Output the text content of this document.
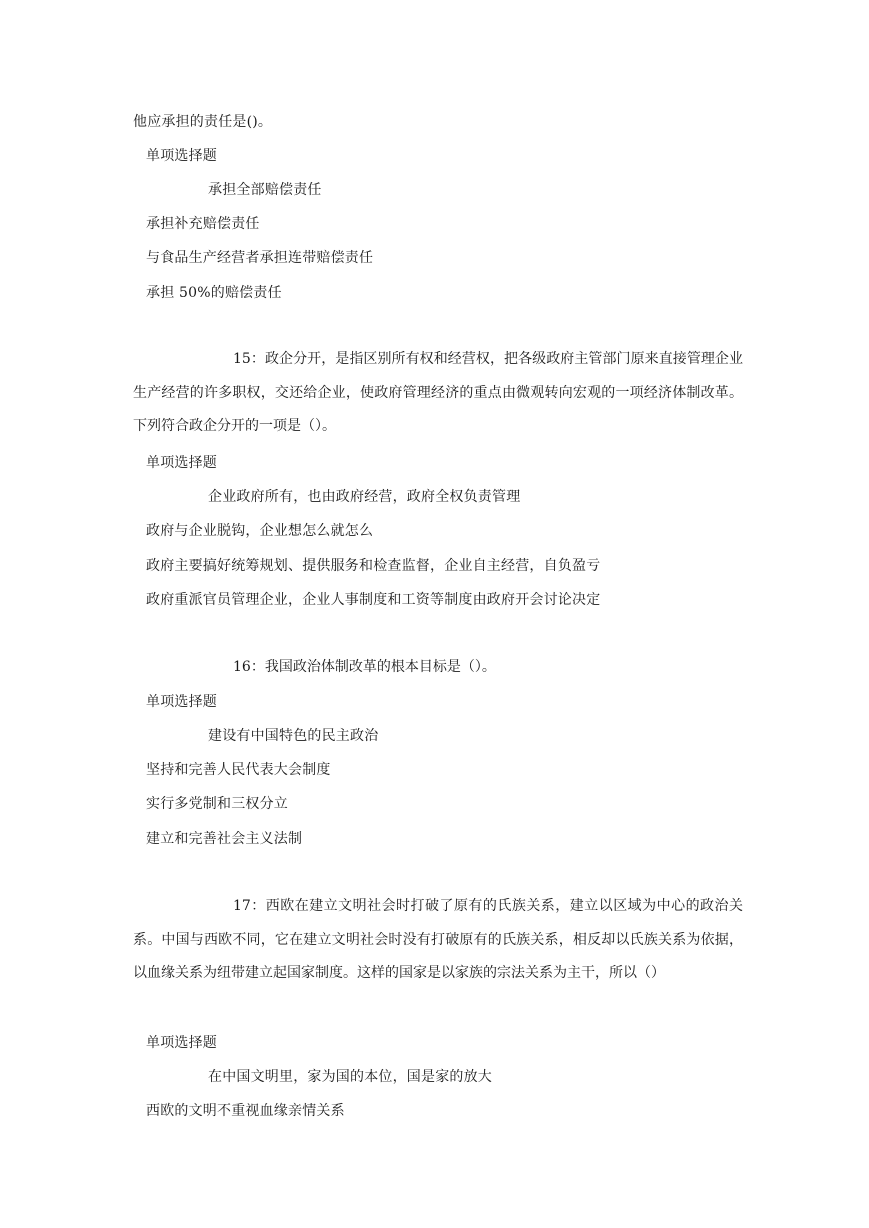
他应承担的责任是()。
单项选择题
承担全部赔偿责任
承担补充赔偿责任
与食品生产经营者承担连带赔偿责任
承担 50%的赔偿责任
15：政企分开，是指区别所有权和经营权，把各级政府主管部门原来直接管理企业生产经营的许多职权，交还给企业，使政府管理经济的重点由微观转向宏观的一项经济体制改革。下列符合政企分开的一项是（）。
单项选择题
企业政府所有，也由政府经营，政府全权负责管理
政府与企业脱钩，企业想怎么就怎么
政府主要搞好统筹规划、提供服务和检查监督，企业自主经营，自负盈亏
政府重派官员管理企业，企业人事制度和工资等制度由政府开会讨论决定
16：我国政治体制改革的根本目标是（）。
单项选择题
建设有中国特色的民主政治
坚持和完善人民代表大会制度
实行多党制和三权分立
建立和完善社会主义法制
17：西欧在建立文明社会时打破了原有的氏族关系，建立以区域为中心的政治关系。中国与西欧不同，它在建立文明社会时没有打破原有的氏族关系，相反却以氏族关系为依据，以血缘关系为纽带建立起国家制度。这样的国家是以家族的宗法关系为主干，所以（）
单项选择题
在中国文明里，家为国的本位，国是家的放大
西欧的文明不重视血缘亲情关系
